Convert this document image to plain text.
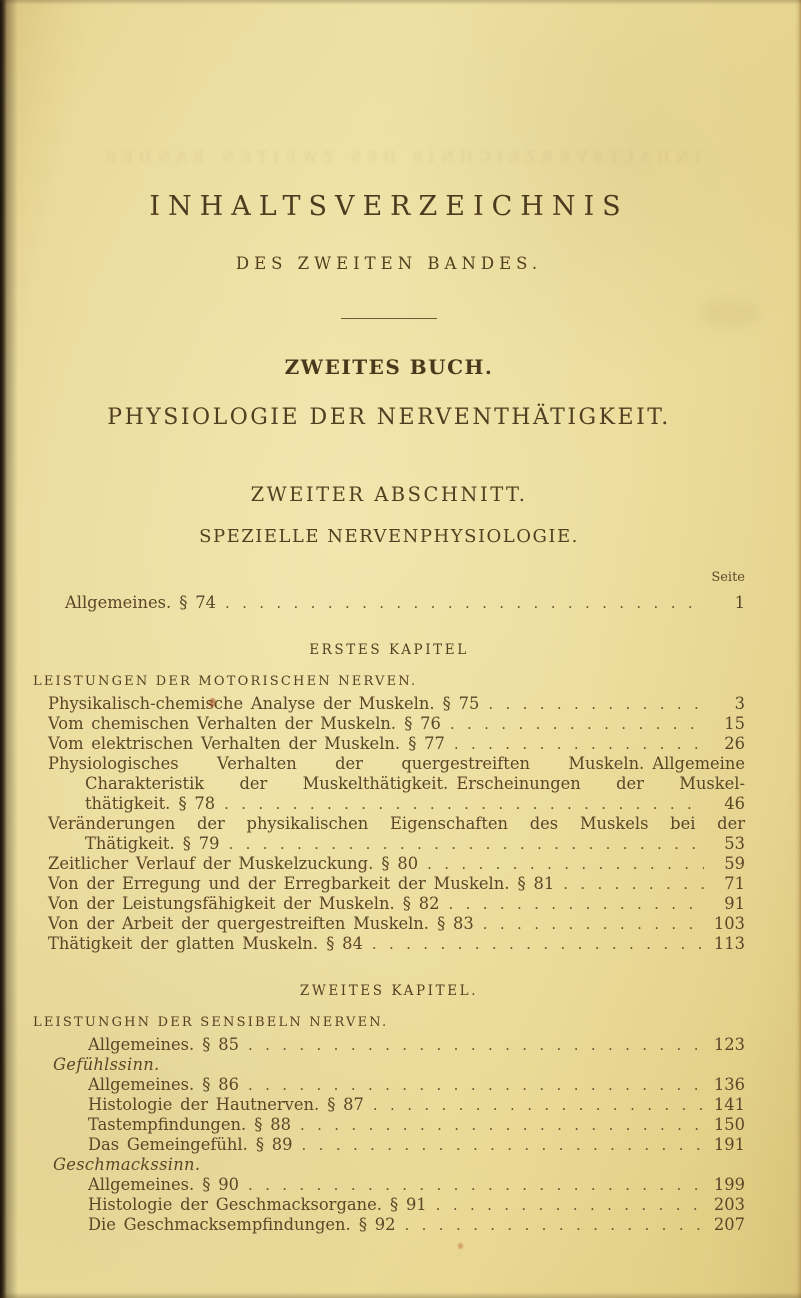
INHALTSVERZEICHNIS DES ZWEITEN BANDES
INHALTSVERZEICHNIS
DES ZWEITEN BANDES.
ZWEITES BUCH.
PHYSIOLOGIE DER NERVENTHÄTIGKEIT.
ZWEITER ABSCHNITT.
SPEZIELLE NERVENPHYSIOLOGIE.
Seite
Allgemeines. § 74 . . .	1
ERSTES KAPITEL
LEISTUNGEN DER MOTORISCHEN NERVEN.
Physikalisch-chemische Analyse der Muskeln. § 75 . . .	3
Vom chemischen Verhalten der Muskeln. § 76 . . .	15
Vom elektrischen Verhalten der Muskeln. § 77 . . .	26
Physiologisches Verhalten der quergestreiften Muskeln. Allgemeine
Charakteristik der Muskelthätigkeit. Erscheinungen der Muskel-
thätigkeit. § 78 . . .	46
Veränderungen der physikalischen Eigenschaften des Muskels bei der
Thätigkeit. § 79 . . .	53
Zeitlicher Verlauf der Muskelzuckung. § 80 . . .	59
Von der Erregung und der Erregbarkeit der Muskeln. § 81 . . .	71
Von der Leistungsfähigkeit der Muskeln. § 82 . . .	91
Von der Arbeit der quergestreiften Muskeln. § 83 . . .	103
Thätigkeit der glatten Muskeln. § 84 . . .	113
ZWEITES KAPITEL.
LEISTUNGHN DER SENSIBELN NERVEN.
Allgemeines. § 85 . . .	123
Gefühlssinn.
Allgemeines. § 86 . . .	136
Histologie der Hautnerven. § 87 . . .	141
Tastempfindungen. § 88 . . .	150
Das Gemeingefühl. § 89 . . .	191
Geschmackssinn.
Allgemeines. § 90 . . .	199
Histologie der Geschmacksorgane. § 91 . . .	203
Die Geschmacksempfindungen. § 92 . . .	207
